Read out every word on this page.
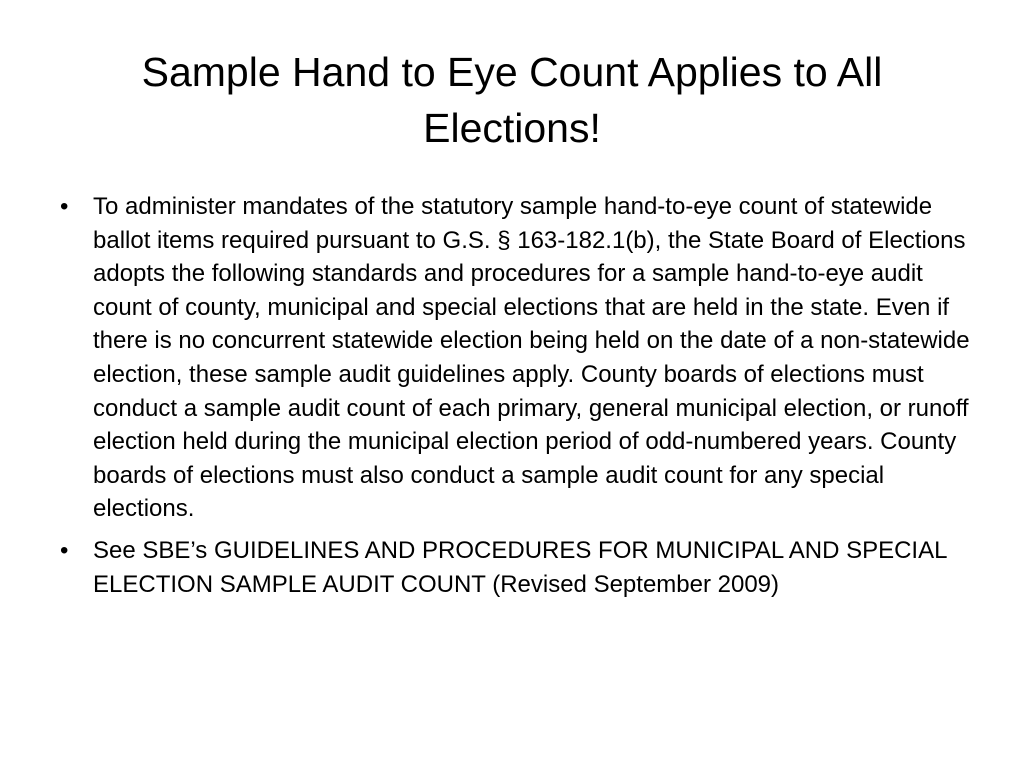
Sample Hand to Eye Count Applies to All Elections!
•	To administer mandates of the statutory sample hand-to-eye count of statewide ballot items required pursuant to G.S. § 163-182.1(b), the State Board of Elections adopts the following standards and procedures for a sample hand-to-eye audit count of county, municipal and special elections that are held in the state. Even if there is no concurrent statewide election being held on the date of a non-statewide election, these sample audit guidelines apply. County boards of elections must conduct a sample audit count of each primary, general municipal election, or runoff election held during the municipal election period of odd-numbered years. County boards of elections must also conduct a sample audit count for any special elections.
•	See SBE’s GUIDELINES AND PROCEDURES FOR MUNICIPAL AND SPECIAL ELECTION SAMPLE AUDIT COUNT (Revised September 2009)
